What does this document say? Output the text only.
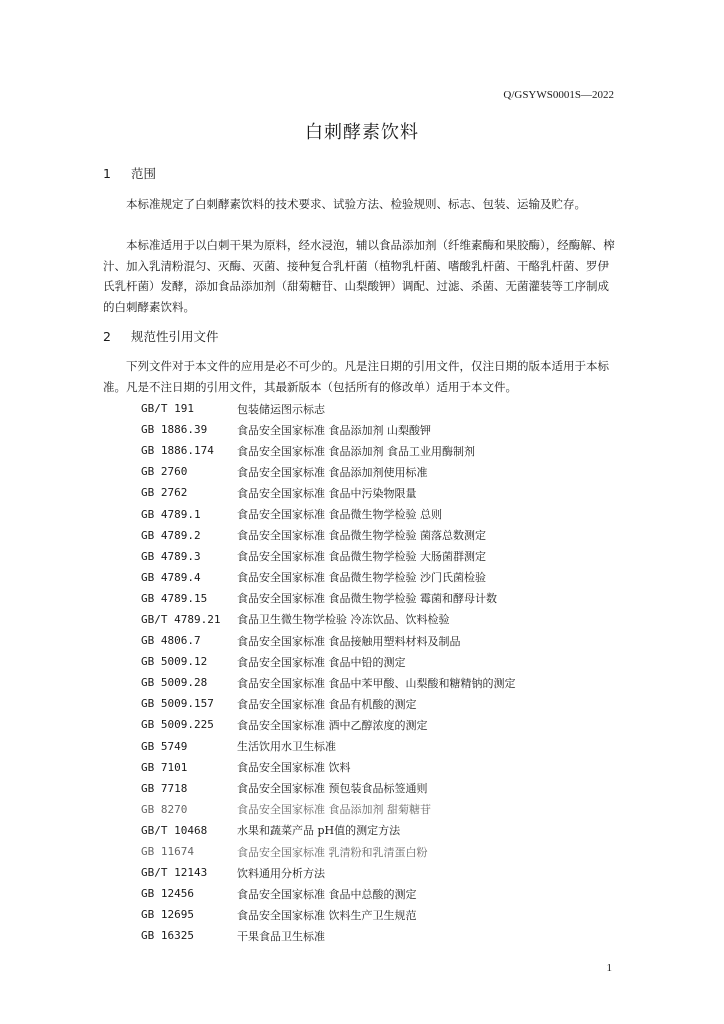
Q/GSYWS0001S—2022
白刺酵素饮料
1 范围
本标准规定了白刺酵素饮料的技术要求、试验方法、检验规则、标志、包装、运输及贮存。
本标准适用于以白刺干果为原料，经水浸泡，辅以食品添加剂（纤维素酶和果胶酶），经酶解、榨汁、加入乳清粉混匀、灭酶、灭菌、接种复合乳杆菌（植物乳杆菌、嗜酸乳杆菌、干酪乳杆菌、罗伊氏乳杆菌）发酵，添加食品添加剂（甜菊糖苷、山梨酸钾）调配、过滤、杀菌、无菌灌装等工序制成的白刺酵素饮料。
2 规范性引用文件
下列文件对于本文件的应用是必不可少的。凡是注日期的引用文件，仅注日期的版本适用于本标准。凡是不注日期的引用文件，其最新版本（包括所有的修改单）适用于本文件。
GB/T 191	包装储运图示标志
GB 1886.39	食品安全国家标准 食品添加剂 山梨酸钾
GB 1886.174	食品安全国家标准 食品添加剂 食品工业用酶制剂
GB 2760	食品安全国家标准 食品添加剂使用标准
GB 2762	食品安全国家标准 食品中污染物限量
GB 4789.1	食品安全国家标准 食品微生物学检验 总则
GB 4789.2	食品安全国家标准 食品微生物学检验 菌落总数测定
GB 4789.3	食品安全国家标准 食品微生物学检验 大肠菌群测定
GB 4789.4	食品安全国家标准 食品微生物学检验 沙门氏菌检验
GB 4789.15	食品安全国家标准 食品微生物学检验 霉菌和酵母计数
GB/T 4789.21	食品卫生微生物学检验 冷冻饮品、饮料检验
GB 4806.7	食品安全国家标准 食品接触用塑料材料及制品
GB 5009.12	食品安全国家标准 食品中铅的测定
GB 5009.28	食品安全国家标准 食品中苯甲酸、山梨酸和糖精钠的测定
GB 5009.157	食品安全国家标准 食品有机酸的测定
GB 5009.225	食品安全国家标准 酒中乙醇浓度的测定
GB 5749	生活饮用水卫生标准
GB 7101	食品安全国家标准 饮料
GB 7718	食品安全国家标准 预包装食品标签通则
GB 8270	食品安全国家标准 食品添加剂 甜菊糖苷
GB/T 10468	水果和蔬菜产品 pH值的测定方法
GB 11674	食品安全国家标准 乳清粉和乳清蛋白粉
GB/T 12143	饮料通用分析方法
GB 12456	食品安全国家标准 食品中总酸的测定
GB 12695	食品安全国家标准 饮料生产卫生规范
GB 16325	干果食品卫生标准
1
